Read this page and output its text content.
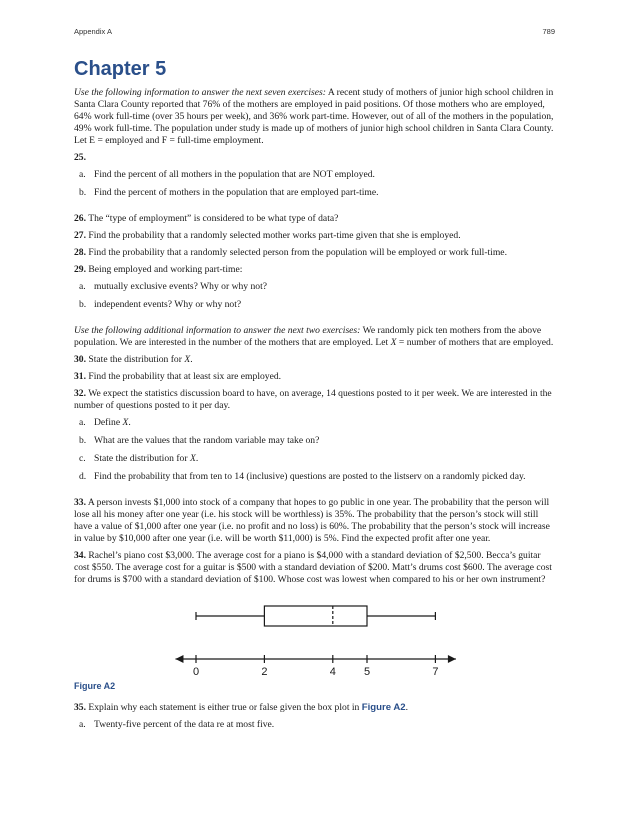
Appendix A	789
Chapter 5

Use the following information to answer the next seven exercises: A recent study of mothers of junior high school children in Santa Clara County reported that 76% of the mothers are employed in paid positions. Of those mothers who are employed, 64% work full-time (over 35 hours per week), and 36% work part-time. However, out of all of the mothers in the population, 49% work full-time. The population under study is made up of mothers of junior high school children in Santa Clara County. Let E = employed and F = full-time employment.

25.

a. Find the percent of all mothers in the population that are NOT employed.
b. Find the percent of mothers in the population that are employed part-time.

26. The “type of employment” is considered to be what type of data?

27. Find the probability that a randomly selected mother works part-time given that she is employed.

28. Find the probability that a randomly selected person from the population will be employed or work full-time.

29. Being employed and working part-time:

a. mutually exclusive events? Why or why not?
b. independent events? Why or why not?

Use the following additional information to answer the next two exercises: We randomly pick ten mothers from the above population. We are interested in the number of the mothers that are employed. Let X = number of mothers that are employed.

30. State the distribution for X.

31. Find the probability that at least six are employed.

32. We expect the statistics discussion board to have, on average, 14 questions posted to it per week. We are interested in the number of questions posted to it per day.

a. Define X.
b. What are the values that the random variable may take on?
c. State the distribution for X.
d. Find the probability that from ten to 14 (inclusive) questions are posted to the listserv on a randomly picked day.

33. A person invests $1,000 into stock of a company that hopes to go public in one year. The probability that the person will lose all his money after one year (i.e. his stock will be worthless) is 35%. The probability that the person’s stock will still have a value of $1,000 after one year (i.e. no profit and no loss) is 60%. The probability that the person’s stock will increase in value by $10,000 after one year (i.e. will be worth $11,000) is 5%. Find the expected profit after one year.

34. Rachel’s piano cost $3,000. The average cost for a piano is $4,000 with a standard deviation of $2,500. Becca’s guitar cost $550. The average cost for a guitar is $500 with a standard deviation of $200. Matt’s drums cost $600. The average cost for drums is $700 with a standard deviation of $100. Whose cost was lowest when compared to his or her own instrument?

0	2	4	5	7
Figure A2

35. Explain why each statement is either true or false given the box plot in Figure A2.

a. Twenty-five percent of the data re at most five.
